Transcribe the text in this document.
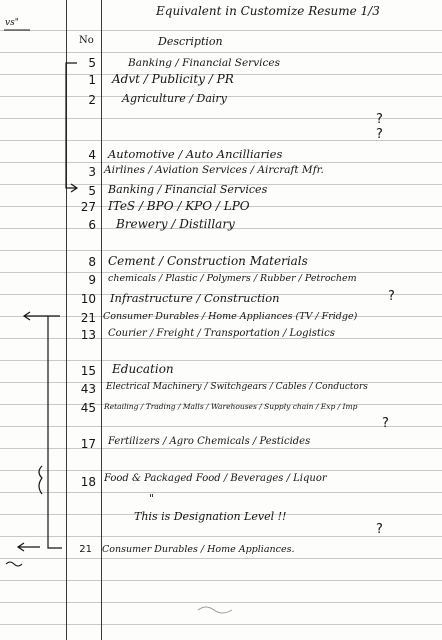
Equivalent in Customize Resume 1/3
vs"
No	Description
5	Banking / Financial Services
1 Advt / Publicity / PR
2 Agriculture / Dairy
4 Automotive / Auto Ancilliaries
3 Airlines / Aviation Services / Aircraft Mfr.
5 Banking / Financial Services
27 ITeS / BPO / KPO / LPO
6 Brewery / Distillary
8 Cement / Construction Materials
9 chemicals / Plastic / Polymers / Rubber / Petrochem
10 Infrastructure / Construction
21 Consumer Durables / Home Appliances (TV / Fridge)
13 Courier / Freight / Transportation / Logistics
15 Education
43 Electrical Machinery / Switchgears / Cables / Conductors
45 Retailing / Trading / Malls / Warehouses / Supply chain / Exp / Imp
17 Fertilizers / Agro Chemicals / Pesticides
18 Food & Packaged Food / Beverages / Liquor
"
This is Designation Level !!
21 Consumer Durables / Home Appliances.
?
?
?
?
?
